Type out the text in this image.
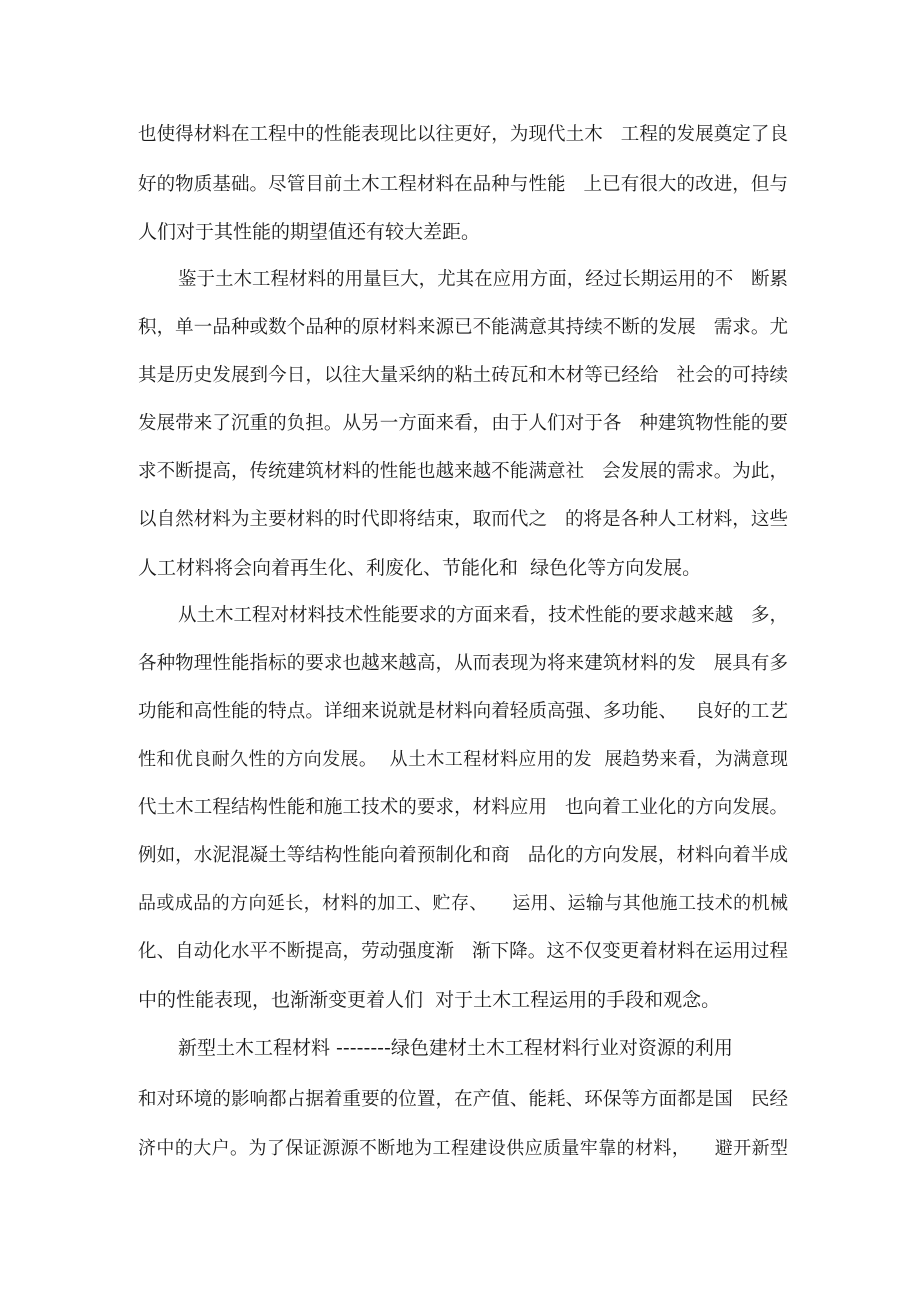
也使得材料在工程中的性能表现比以往更好，为现代土木   工程的发展奠定了良
好的物质基础。尽管目前土木工程材料在品种与性能   上已有很大的改进，但与
人们对于其性能的期望值还有较大差距。
鉴于土木工程材料的用量巨大，尤其在应用方面，经过长期运用的不   断累
积，单一品种或数个品种的原材料来源已不能满意其持续不断的发展   需求。尤
其是历史发展到今日，以往大量采纳的粘土砖瓦和木材等已经给   社会的可持续
发展带来了沉重的负担。从另一方面来看，由于人们对于各   种建筑物性能的要
求不断提高，传统建筑材料的性能也越来越不能满意社   会发展的需求。为此，
以自然材料为主要材料的时代即将结束，取而代之   的将是各种人工材料，这些
人工材料将会向着再生化、利废化、节能化和  绿色化等方向发展。
从土木工程对材料技术性能要求的方面来看，技术性能的要求越来越   多，
各种物理性能指标的要求也越来越高，从而表现为将来建筑材料的发   展具有多
功能和高性能的特点。详细来说就是材料向着轻质高强、多功能、   良好的工艺
性和优良耐久性的方向发展。  从土木工程材料应用的发  展趋势来看，为满意现
代土木工程结构性能和施工技术的要求，材料应用   也向着工业化的方向发展。
例如，水泥混凝土等结构性能向着预制化和商   品化的方向发展，材料向着半成
品或成品的方向延长，材料的加工、贮存、    运用、运输与其他施工技术的机械
化、自动化水平不断提高，劳动强度渐   渐下降。这不仅变更着材料在运用过程
中的性能表现，也渐渐变更着人们  对于土木工程运用的手段和观念。
新型土木工程材料 --------绿色建材土木工程材料行业对资源的利用
和对环境的影响都占据着重要的位置，在产值、能耗、环保等方面都是国   民经
济中的大户。为了保证源源不断地为工程建设供应质量牢靠的材料，    避开新型
